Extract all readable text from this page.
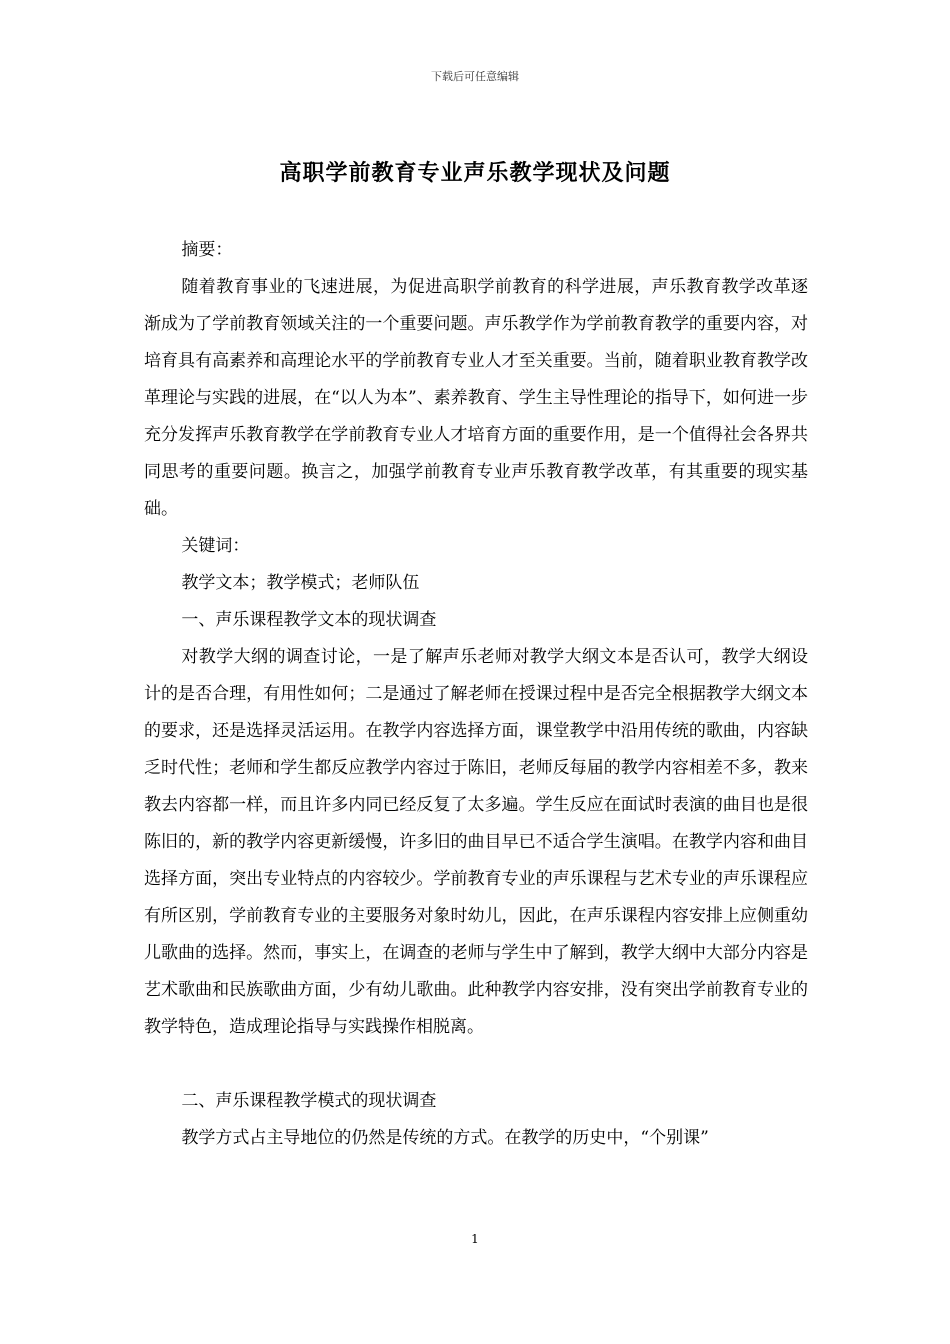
下载后可任意编辑
高职学前教育专业声乐教学现状及问题

摘要：

随着教育事业的飞速进展，为促进高职学前教育的科学进展，声乐教育教学改革逐渐成为了学前教育领域关注的一个重要问题。声乐教学作为学前教育教学的重要内容，对培育具有高素养和高理论水平的学前教育专业人才至关重要。当前，随着职业教育教学改革理论与实践的进展，在“以人为本”、素养教育、学生主导性理论的指导下，如何进一步充分发挥声乐教育教学在学前教育专业人才培育方面的重要作用，是一个值得社会各界共同思考的重要问题。换言之，加强学前教育专业声乐教育教学改革，有其重要的现实基础。

关键词：

教学文本；教学模式；老师队伍

一、声乐课程教学文本的现状调查

对教学大纲的调查讨论，一是了解声乐老师对教学大纲文本是否认可，教学大纲设计的是否合理，有用性如何；二是通过了解老师在授课过程中是否完全根据教学大纲文本的要求，还是选择灵活运用。在教学内容选择方面，课堂教学中沿用传统的歌曲，内容缺乏时代性；老师和学生都反应教学内容过于陈旧，老师反每届的教学内容相差不多，教来教去内容都一样，而且许多内同已经反复了太多遍。学生反应在面试时表演的曲目也是很陈旧的，新的教学内容更新缓慢，许多旧的曲目早已不适合学生演唱。在教学内容和曲目选择方面，突出专业特点的内容较少。学前教育专业的声乐课程与艺术专业的声乐课程应有所区别，学前教育专业的主要服务对象时幼儿，因此，在声乐课程内容安排上应侧重幼儿歌曲的选择。然而，事实上，在调查的老师与学生中了解到，教学大纲中大部分内容是艺术歌曲和民族歌曲方面，少有幼儿歌曲。此种教学内容安排，没有突出学前教育专业的教学特色，造成理论指导与实践操作相脱离。

二、声乐课程教学模式的现状调查

教学方式占主导地位的仍然是传统的方式。在教学的历史中，“个别课”

1
